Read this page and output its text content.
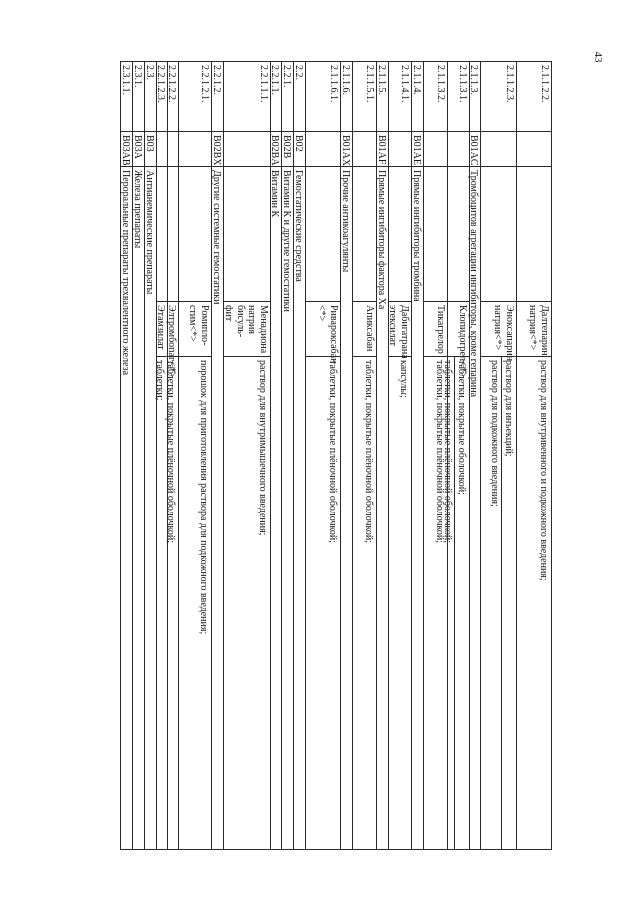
43
2.1.1.2.2.
Далтепарин натрия<*>
раствор для внутривенного и подкожного введения;
2.1.1.2.3.
Эноксапарин натрия<*>
раствор для инъекций;
раствор для подкожного введения;
2.1.1.3.
B01AC
Тромбоцитов агрегации ингибиторы, кроме гепарина
2.1.1.3.1.
Клопидогрел<*>
таблетки, покрытые оболочкой;
таблетки, покрытые плёночной оболочкой;
2.1.1.3.2.
Тикагрелор
таблетки, покрытые плёночной оболочкой;
2.1.1.4.
B01AE
Прямые ингибиторы тромбина
2.1.1.4.1.
Дабигатрана этексилат
капсулы;
2.1.1.5.
B01AF
Прямые ингибиторы фактора Ха
2.1.1.5.1.
Апиксабан
таблетки, покрытые плёночной оболочкой;
2.1.1.6.
B01AX
Прочие антикоагулянты
2.1.1.6.1.
Ривароксабан <*>
таблетки, покрытые плёночной оболочкой;
2.2.
B02
Гемостатические средства
2.2.1.
B02B
Витамин К и другие гемостатики
2.2.1.1.
B02BA
Витамин К
2.2.1.1.1.
Менадиона натрия бисуль-фит
раствор для внутримышечного введения;
2.2.1.2.
B02BX
Другие системные гемостатики
2.2.1.2.1.
Ромипло-стим<*>
порошок для приготовления раствора для подкожного введения;
2.2.1.2.2.
Элтромбопаг<*>
таблетки, покрытые плёночной оболочкой;
2.2.1.2.3.
Этамзилат
таблетки;
2.3.
B03
Антианемические препараты
2.3.1.
B03A
Железа препараты
2.3.1.1.
B03AB
Пероральные препараты трехвалентного железа
